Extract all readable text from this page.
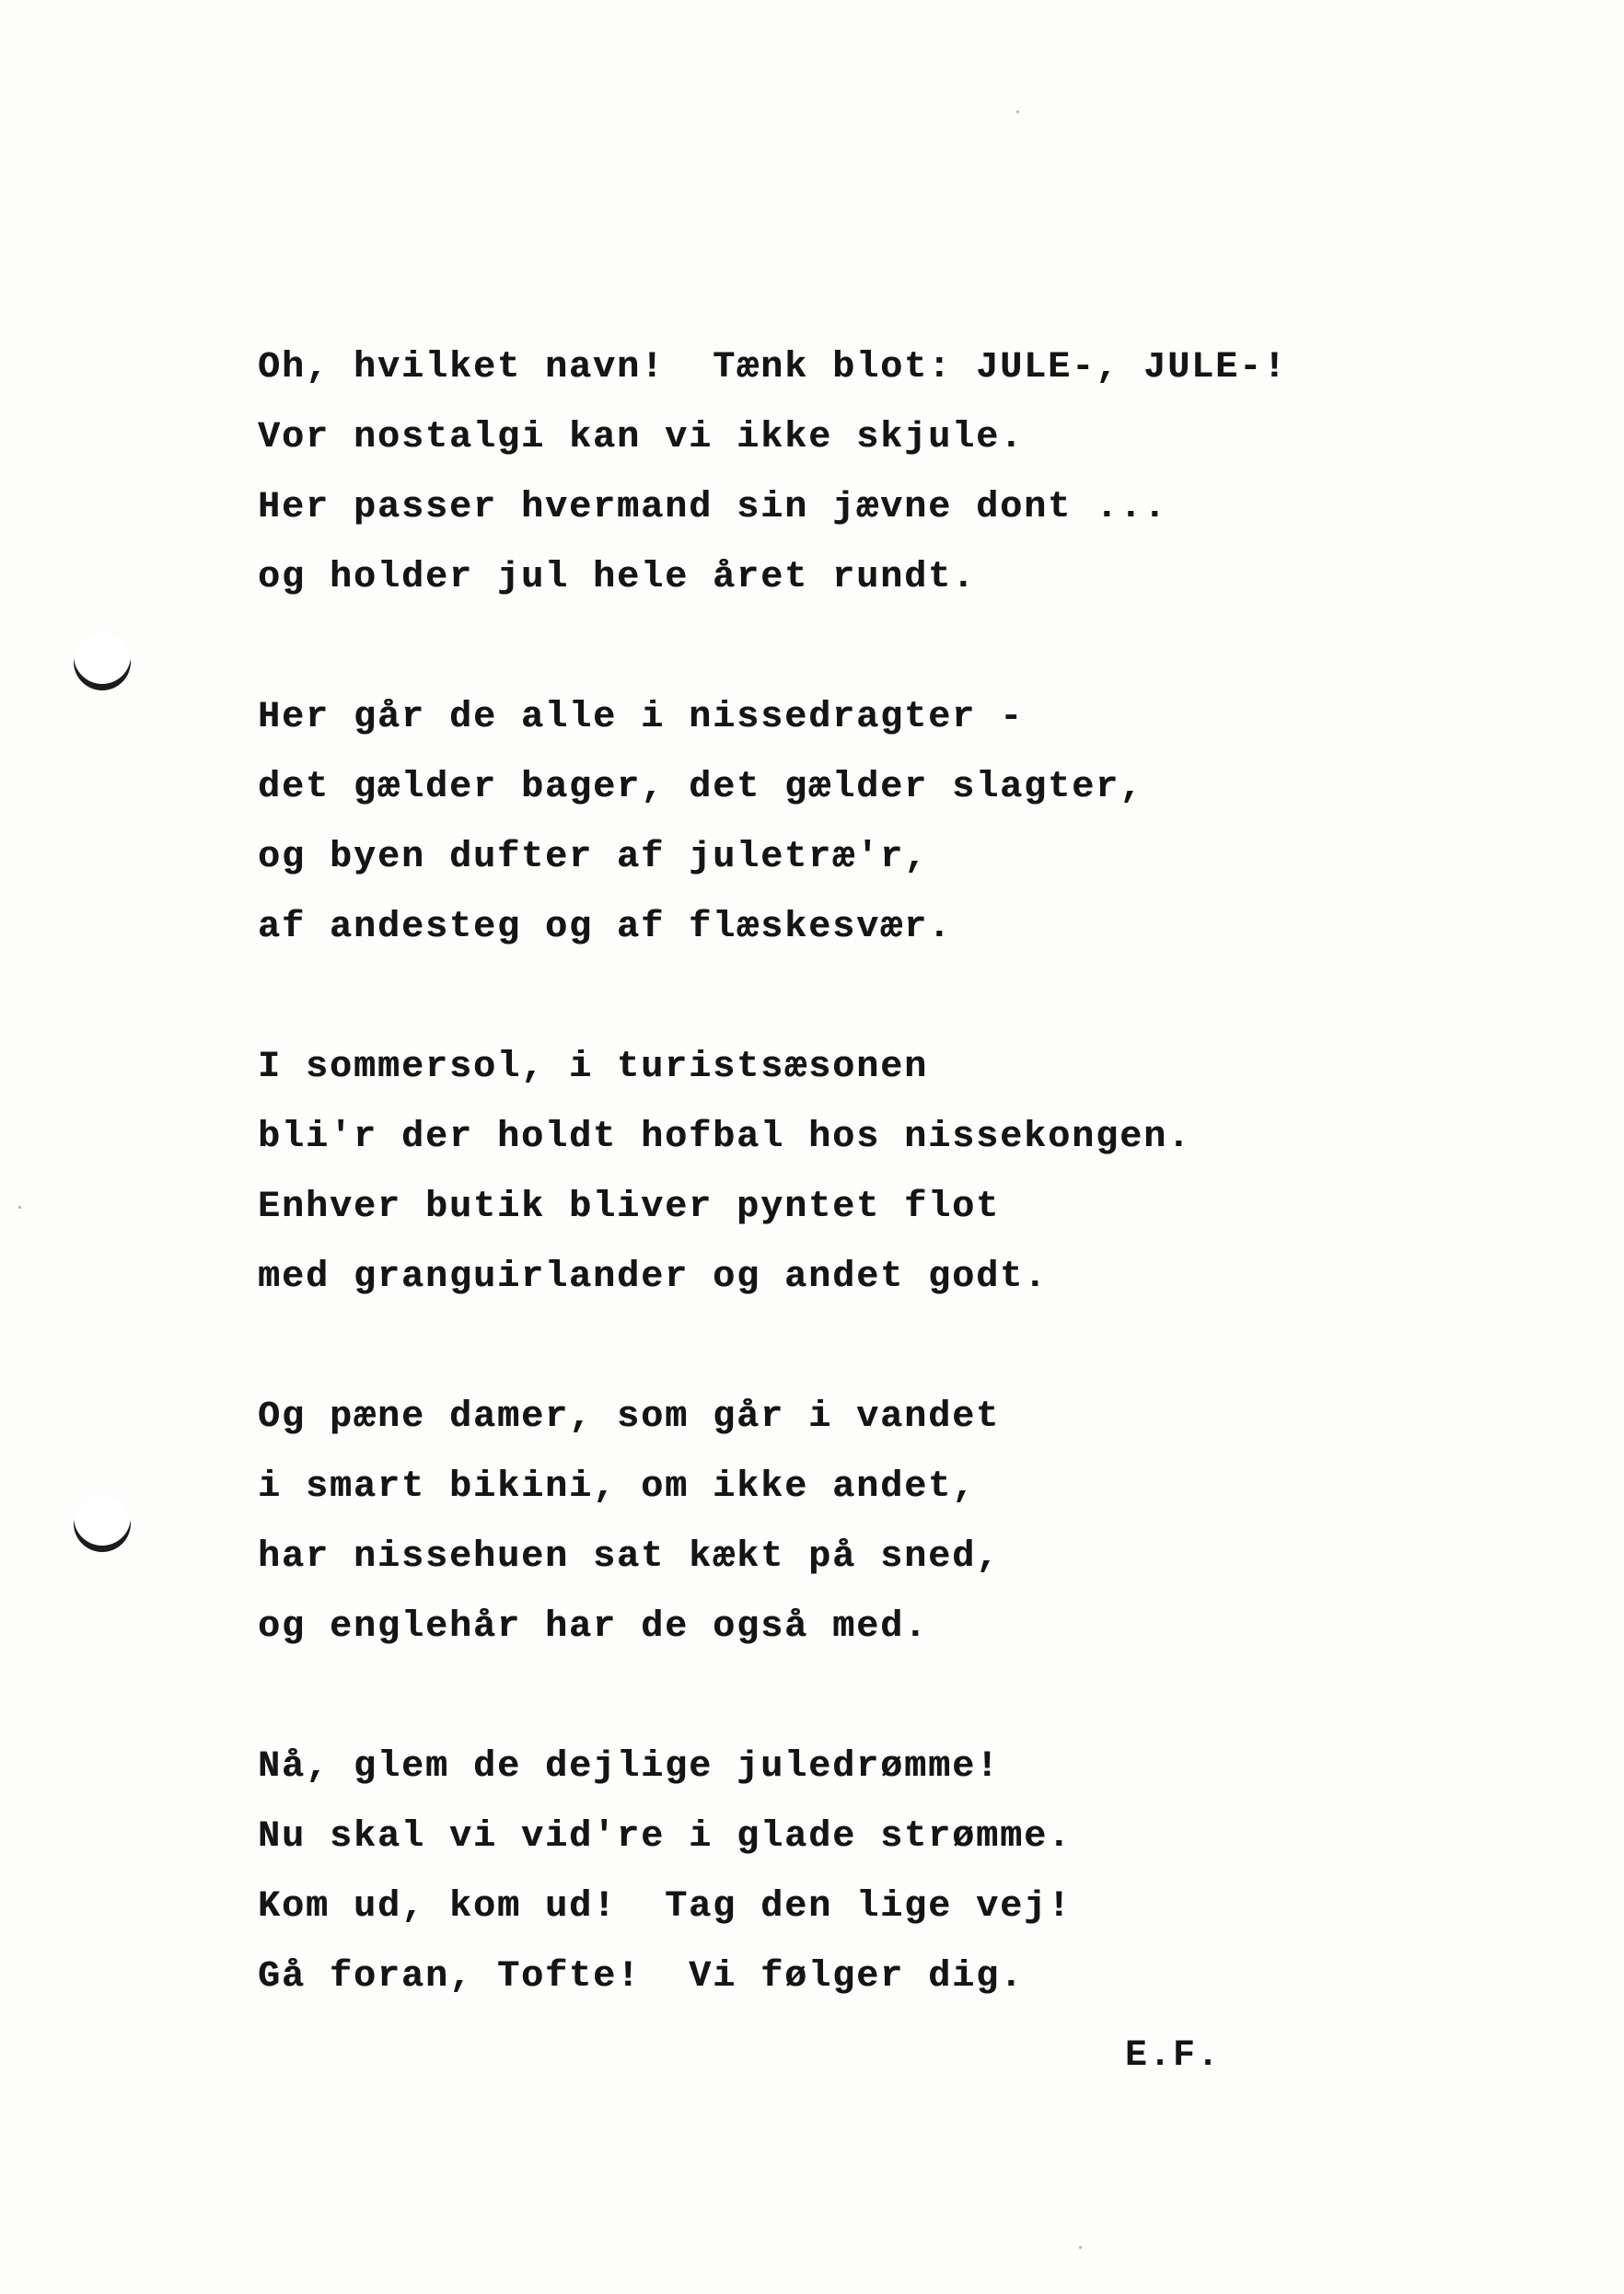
Oh, hvilket navn!  Tænk blot: JULE-, JULE-!
Vor nostalgi kan vi ikke skjule.
Her passer hvermand sin jævne dont ...
og holder jul hele året rundt.
Her går de alle i nissedragter -
det gælder bager, det gælder slagter,
og byen dufter af juletræ'r,
af andesteg og af flæskesvær.
I sommersol, i turistsæsonen
bli'r der holdt hofbal hos nissekongen.
Enhver butik bliver pyntet flot
med granguirlander og andet godt.
Og pæne damer, som går i vandet
i smart bikini, om ikke andet,
har nissehuen sat kækt på sned,
og englehår har de også med.
Nå, glem de dejlige juledrømme!
Nu skal vi vid're i glade strømme.
Kom ud, kom ud!  Tag den lige vej!
Gå foran, Tofte!  Vi følger dig.
E.F.
